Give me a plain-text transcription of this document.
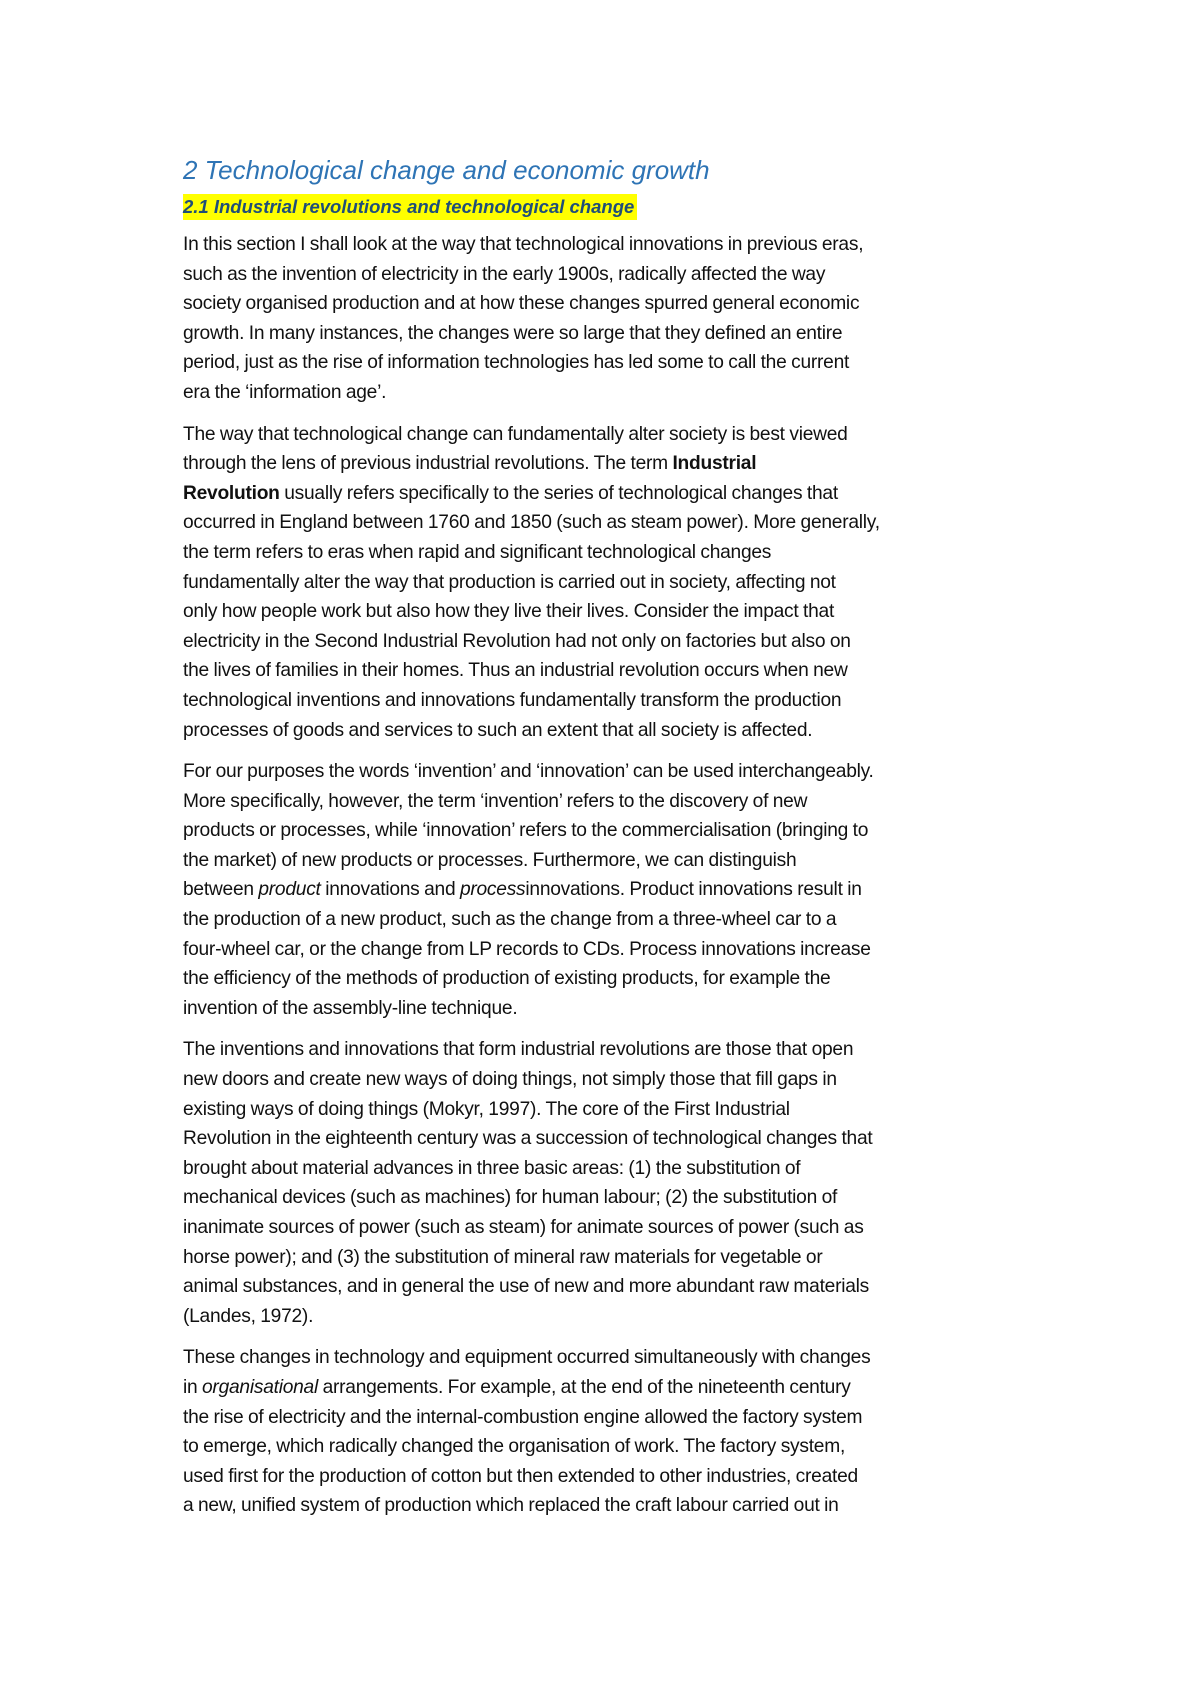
2 Technological change and economic growth
2.1 Industrial revolutions and technological change
In this section I shall look at the way that technological innovations in previous eras,
such as the invention of electricity in the early 1900s, radically affected the way
society organised production and at how these changes spurred general economic
growth. In many instances, the changes were so large that they defined an entire
period, just as the rise of information technologies has led some to call the current
era the ‘information age’.
The way that technological change can fundamentally alter society is best viewed
through the lens of previous industrial revolutions. The term Industrial
Revolution usually refers specifically to the series of technological changes that
occurred in England between 1760 and 1850 (such as steam power). More generally,
the term refers to eras when rapid and significant technological changes
fundamentally alter the way that production is carried out in society, affecting not
only how people work but also how they live their lives. Consider the impact that
electricity in the Second Industrial Revolution had not only on factories but also on
the lives of families in their homes. Thus an industrial revolution occurs when new
technological inventions and innovations fundamentally transform the production
processes of goods and services to such an extent that all society is affected.
For our purposes the words ‘invention’ and ‘innovation’ can be used interchangeably.
More specifically, however, the term ‘invention’ refers to the discovery of new
products or processes, while ‘innovation’ refers to the commercialisation (bringing to
the market) of new products or processes. Furthermore, we can distinguish
between product innovations and processinnovations. Product innovations result in
the production of a new product, such as the change from a three-wheel car to a
four-wheel car, or the change from LP records to CDs. Process innovations increase
the efficiency of the methods of production of existing products, for example the
invention of the assembly-line technique.
The inventions and innovations that form industrial revolutions are those that open
new doors and create new ways of doing things, not simply those that fill gaps in
existing ways of doing things (Mokyr, 1997). The core of the First Industrial
Revolution in the eighteenth century was a succession of technological changes that
brought about material advances in three basic areas: (1) the substitution of
mechanical devices (such as machines) for human labour; (2) the substitution of
inanimate sources of power (such as steam) for animate sources of power (such as
horse power); and (3) the substitution of mineral raw materials for vegetable or
animal substances, and in general the use of new and more abundant raw materials
(Landes, 1972).
These changes in technology and equipment occurred simultaneously with changes
in organisational arrangements. For example, at the end of the nineteenth century
the rise of electricity and the internal-combustion engine allowed the factory system
to emerge, which radically changed the organisation of work. The factory system,
used first for the production of cotton but then extended to other industries, created
a new, unified system of production which replaced the craft labour carried out in
